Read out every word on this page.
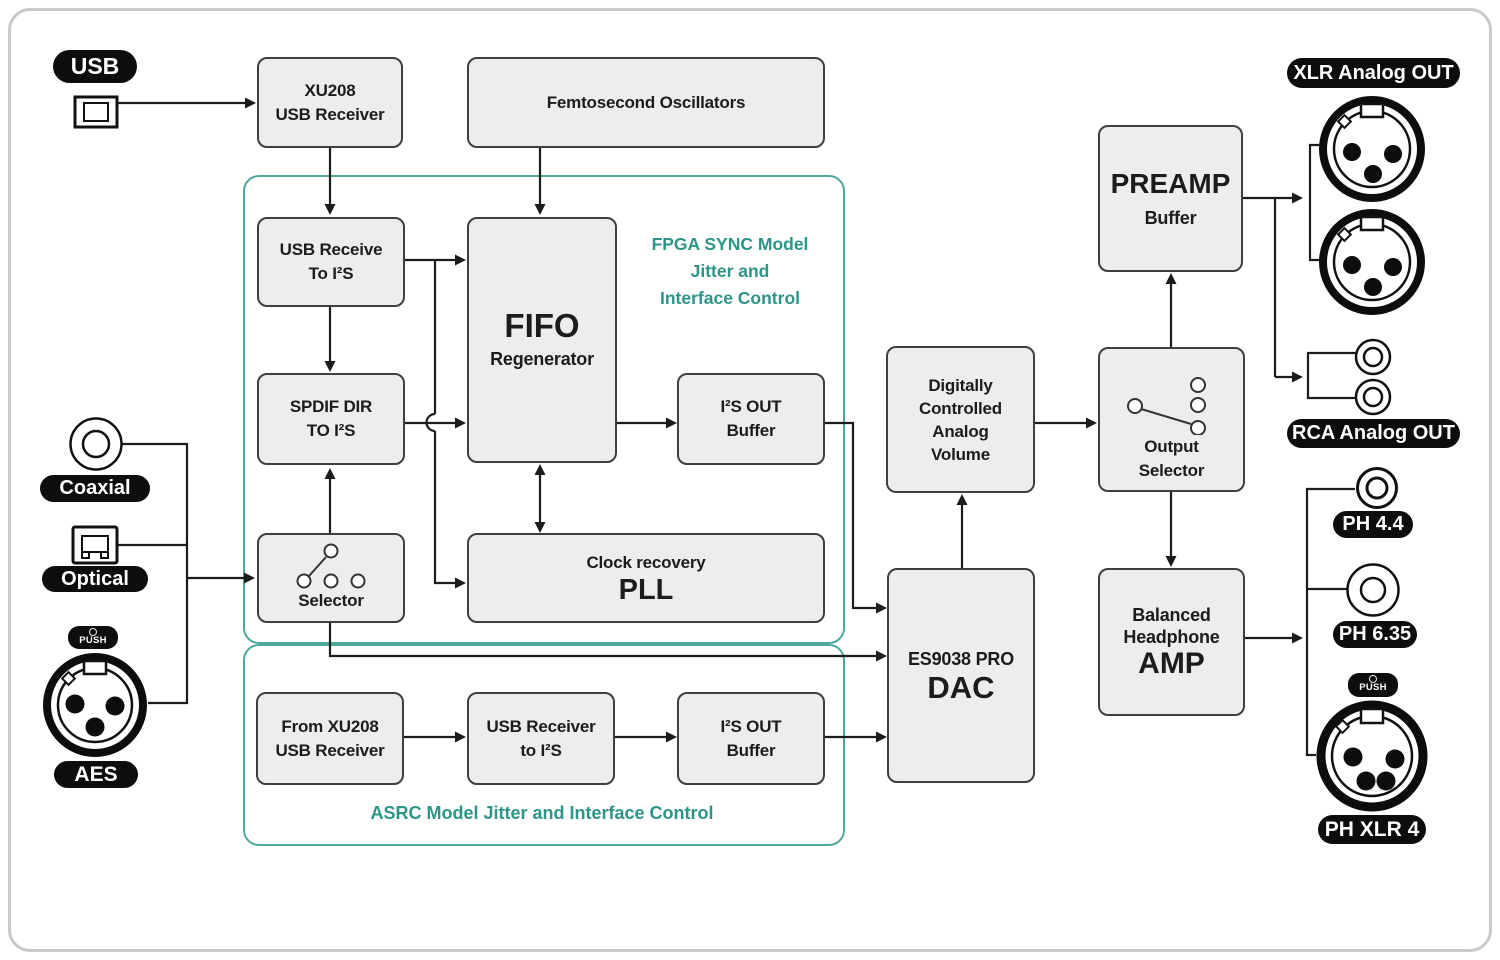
FPGA SYNC Model
Jitter and
Interface Control
ASRC Model Jitter and Interface Control
XU208
USB Receiver
Femtosecond Oscillators
USB Receive
To I²S
SPDIF DIR
TO I²S
Selector
FIFO
Regenerator
I²S OUT
Buffer
Clock recovery
PLL
From XU208
USB Receiver
USB Receiver
to I²S
I²S OUT
Buffer
ES9038 PRO
DAC
Digitally
Controlled
Analog
Volume	Output
Selector
PREAMP
Buffer
Balanced
Headphone
AMP
USB
Coaxial
Optical
PUSH
AES
XLR Analog OUT
RCA Analog OUT
PH 4.4
PH 6.35
PUSH
PH XLR 4
